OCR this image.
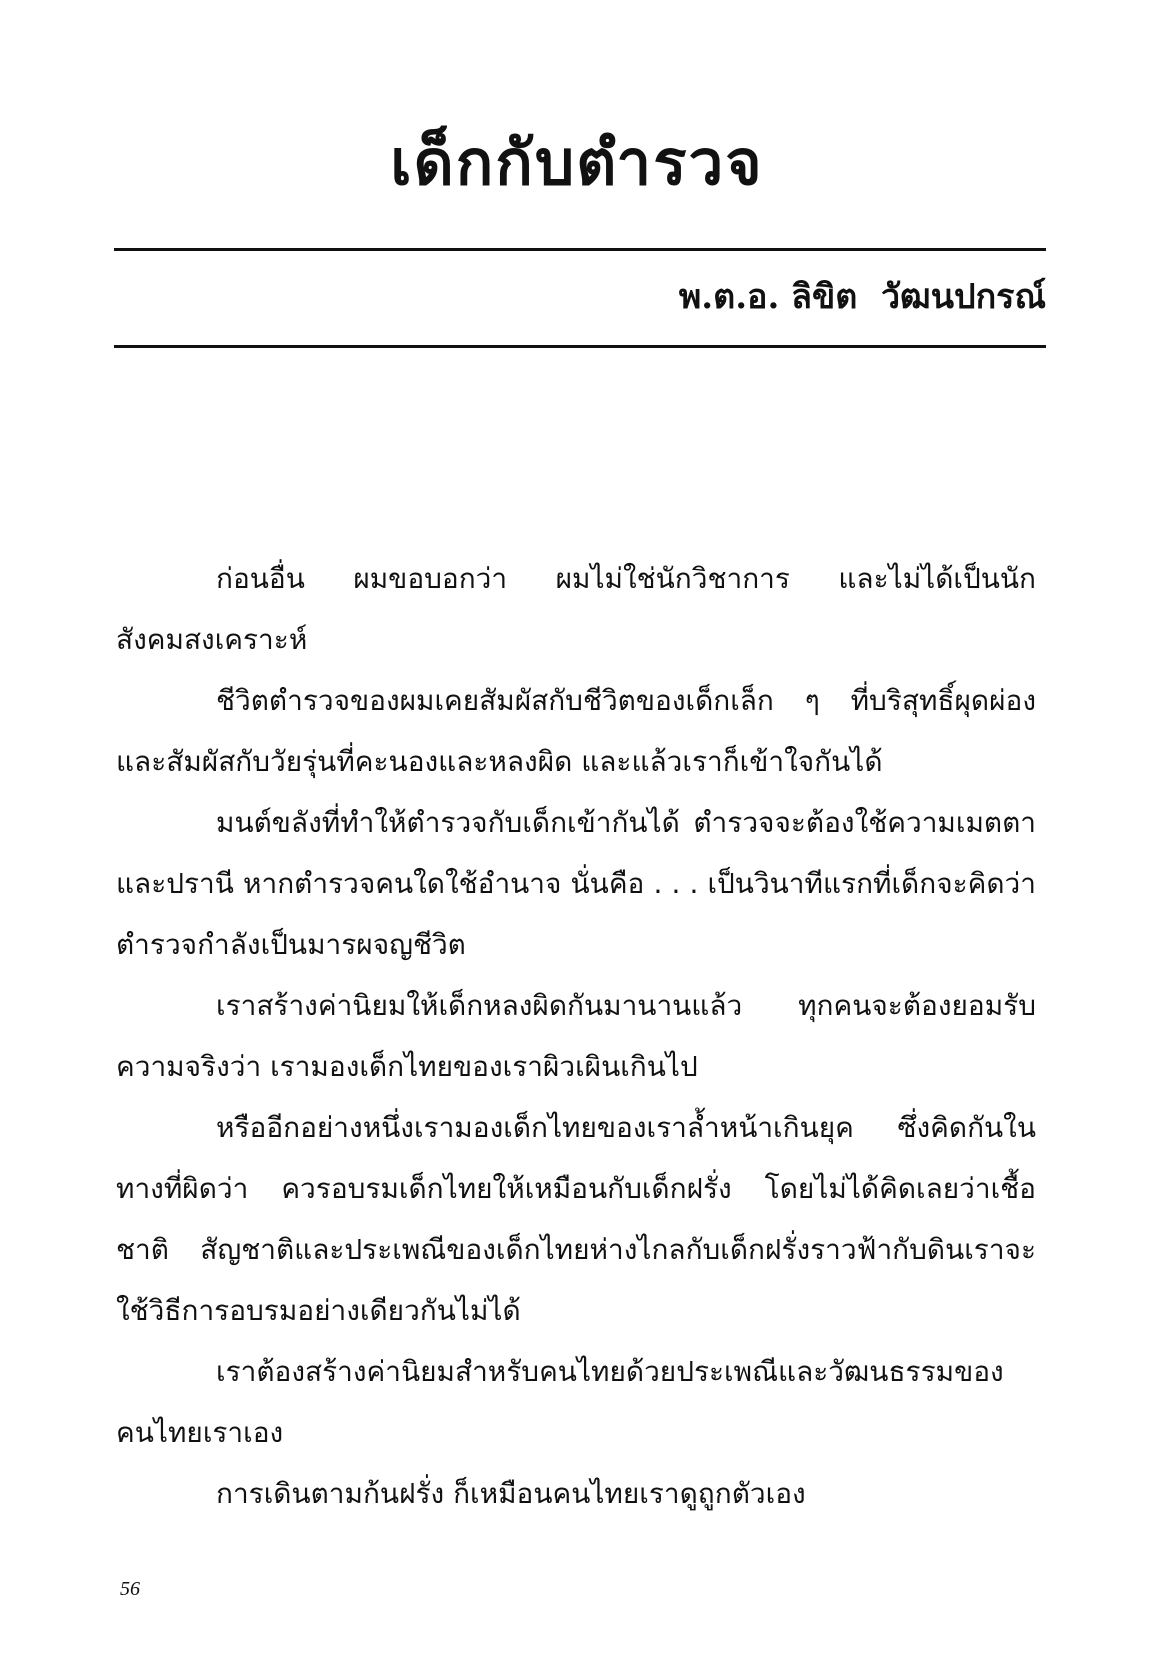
เด็กกับตำรวจ
พ.ต.อ. ลิขิต  วัฒนปกรณ์

ก่อนอื่น ผมขอบอกว่า ผมไม่ใช่นักวิชาการ และไม่ได้เป็นนักสังคมสงเคราะห์

ชีวิตตำรวจของผมเคยสัมผัสกับชีวิตของเด็กเล็ก ๆ ที่บริสุทธิ์ผุดผ่องและสัมผัสกับวัยรุ่นที่คะนองและหลงผิด และแล้วเราก็เข้าใจกันได้

มนต์ขลังที่ทำให้ตำรวจกับเด็กเข้ากันได้ ตำรวจจะต้องใช้ความเมตตาและปรานี หากตำรวจคนใดใช้อำนาจ นั่นคือ . . . เป็นวินาทีแรกที่เด็กจะคิดว่า ตำรวจกำลังเป็นมารผจญชีวิต

เราสร้างค่านิยมให้เด็กหลงผิดกันมานานแล้ว ทุกคนจะต้องยอมรับความจริงว่า เรามองเด็กไทยของเราผิวเผินเกินไป

หรืออีกอย่างหนึ่งเรามองเด็กไทยของเราล้ำหน้าเกินยุค ซึ่งคิดกันในทางที่ผิดว่า ควรอบรมเด็กไทยให้เหมือนกับเด็กฝรั่ง โดยไม่ได้คิดเลยว่าเชื้อชาติ สัญชาติและประเพณีของเด็กไทยห่างไกลกับเด็กฝรั่งราวฟ้ากับดินเราจะใช้วิธีการอบรมอย่างเดียวกันไม่ได้

เราต้องสร้างค่านิยมสำหรับคนไทยด้วยประเพณีและวัฒนธรรมของคนไทยเราเอง

การเดินตามก้นฝรั่ง ก็เหมือนคนไทยเราดูถูกตัวเอง

56
